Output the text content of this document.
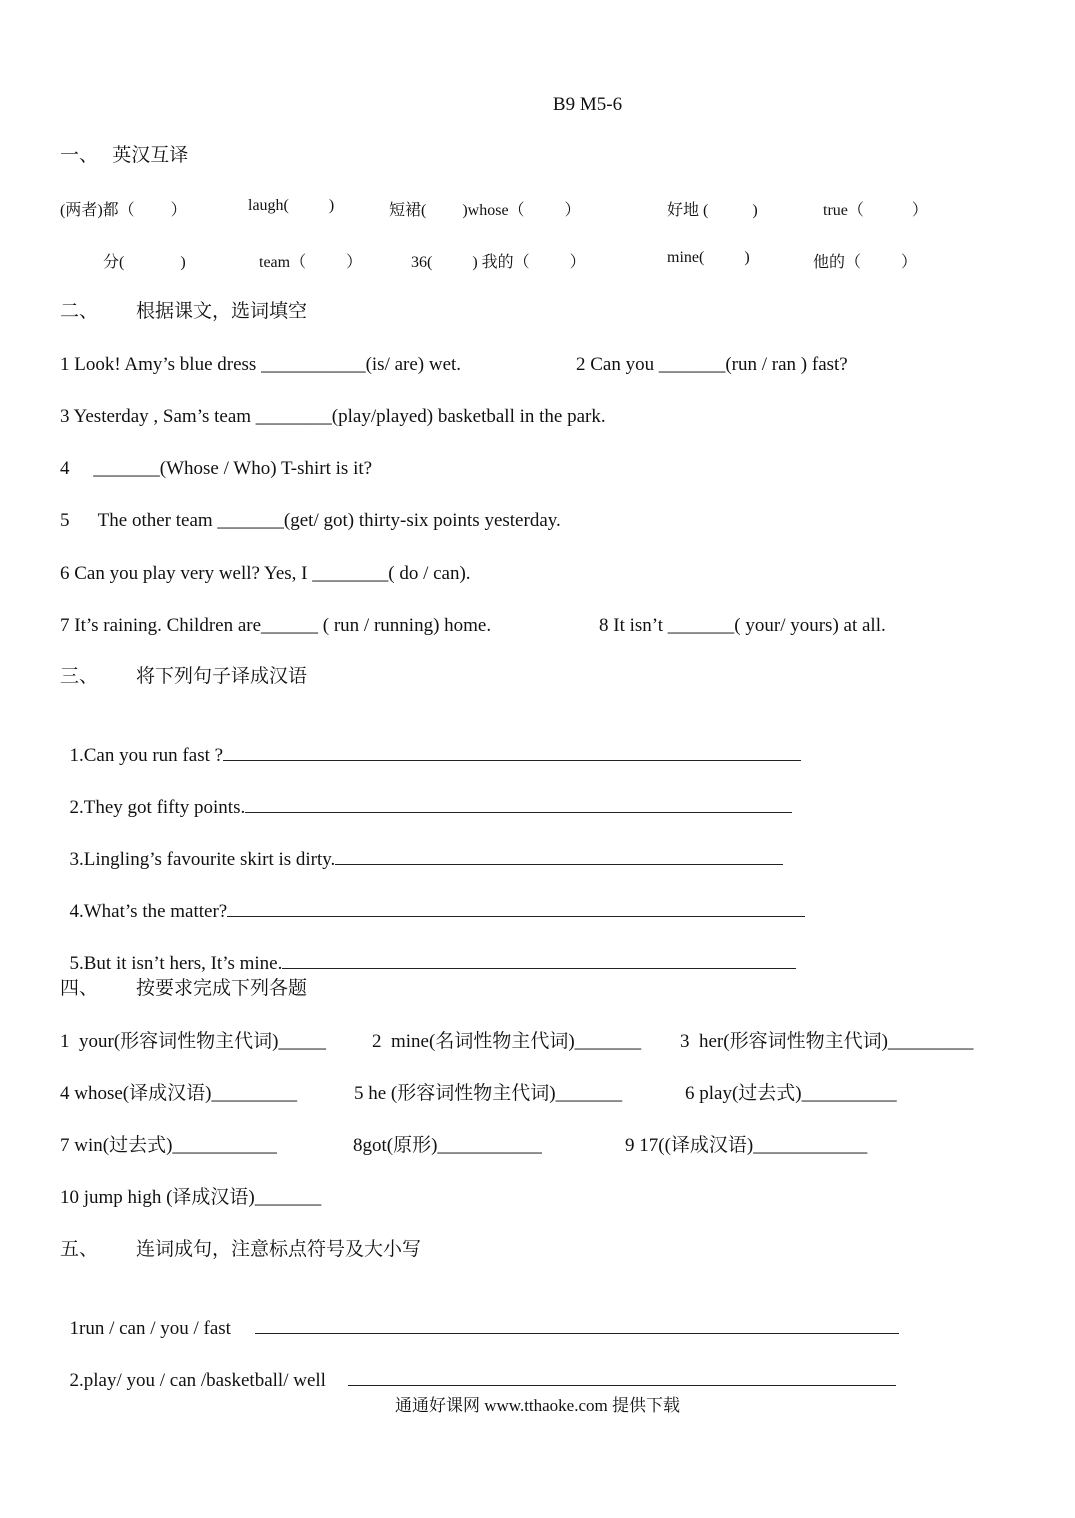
B9 M5-6
一、   英汉互译
(两者)都（         ）	laugh(          )	短裙(         )whose（          ）	好地 (           )	true（            ）
分(              )	team（          ）	36(          ) 我的（          ）	mine(          )	他的（          ）
二、        根据课文，选词填空
1 Look! Amy’s blue dress ___________(is/ are) wet.	2 Can you _______(run / ran ) fast?
3 Yesterday , Sam’s team ________(play/played) basketball in the park.
4     _______(Whose / Who) T-shirt is it?
5      The other team _______(get/ got) thirty-six points yesterday.
6 Can you play very well? Yes, I ________( do / can).
7 It’s raining. Children are______ ( run / running) home.	8 It isn’t _______( your/ yours) at all.
三、        将下列句子译成汉语

1.Can you run fast ?

2.They got fifty points.

3.Lingling’s favourite skirt is dirty.

4.What’s the matter?

5.But it isn’t hers, It’s mine.

四、        按要求完成下列各题
1  your(形容词性物主代词)_____ 2  mine(名词性物主代词)_______ 3  her(形容词性物主代词)_________
4 whose(译成汉语)_________	5 he (形容词性物主代词)_______	6 play(过去式)__________
7 win(过去式)___________	8got(原形)___________	9 17((译成汉语)____________
10 jump high (译成汉语)_______
五、        连词成句，注意标点符号及大小写

1run / can / you / fast

2.play/ you / can /basketball/ well

通通好课网 www.tthaoke.com 提供下载
